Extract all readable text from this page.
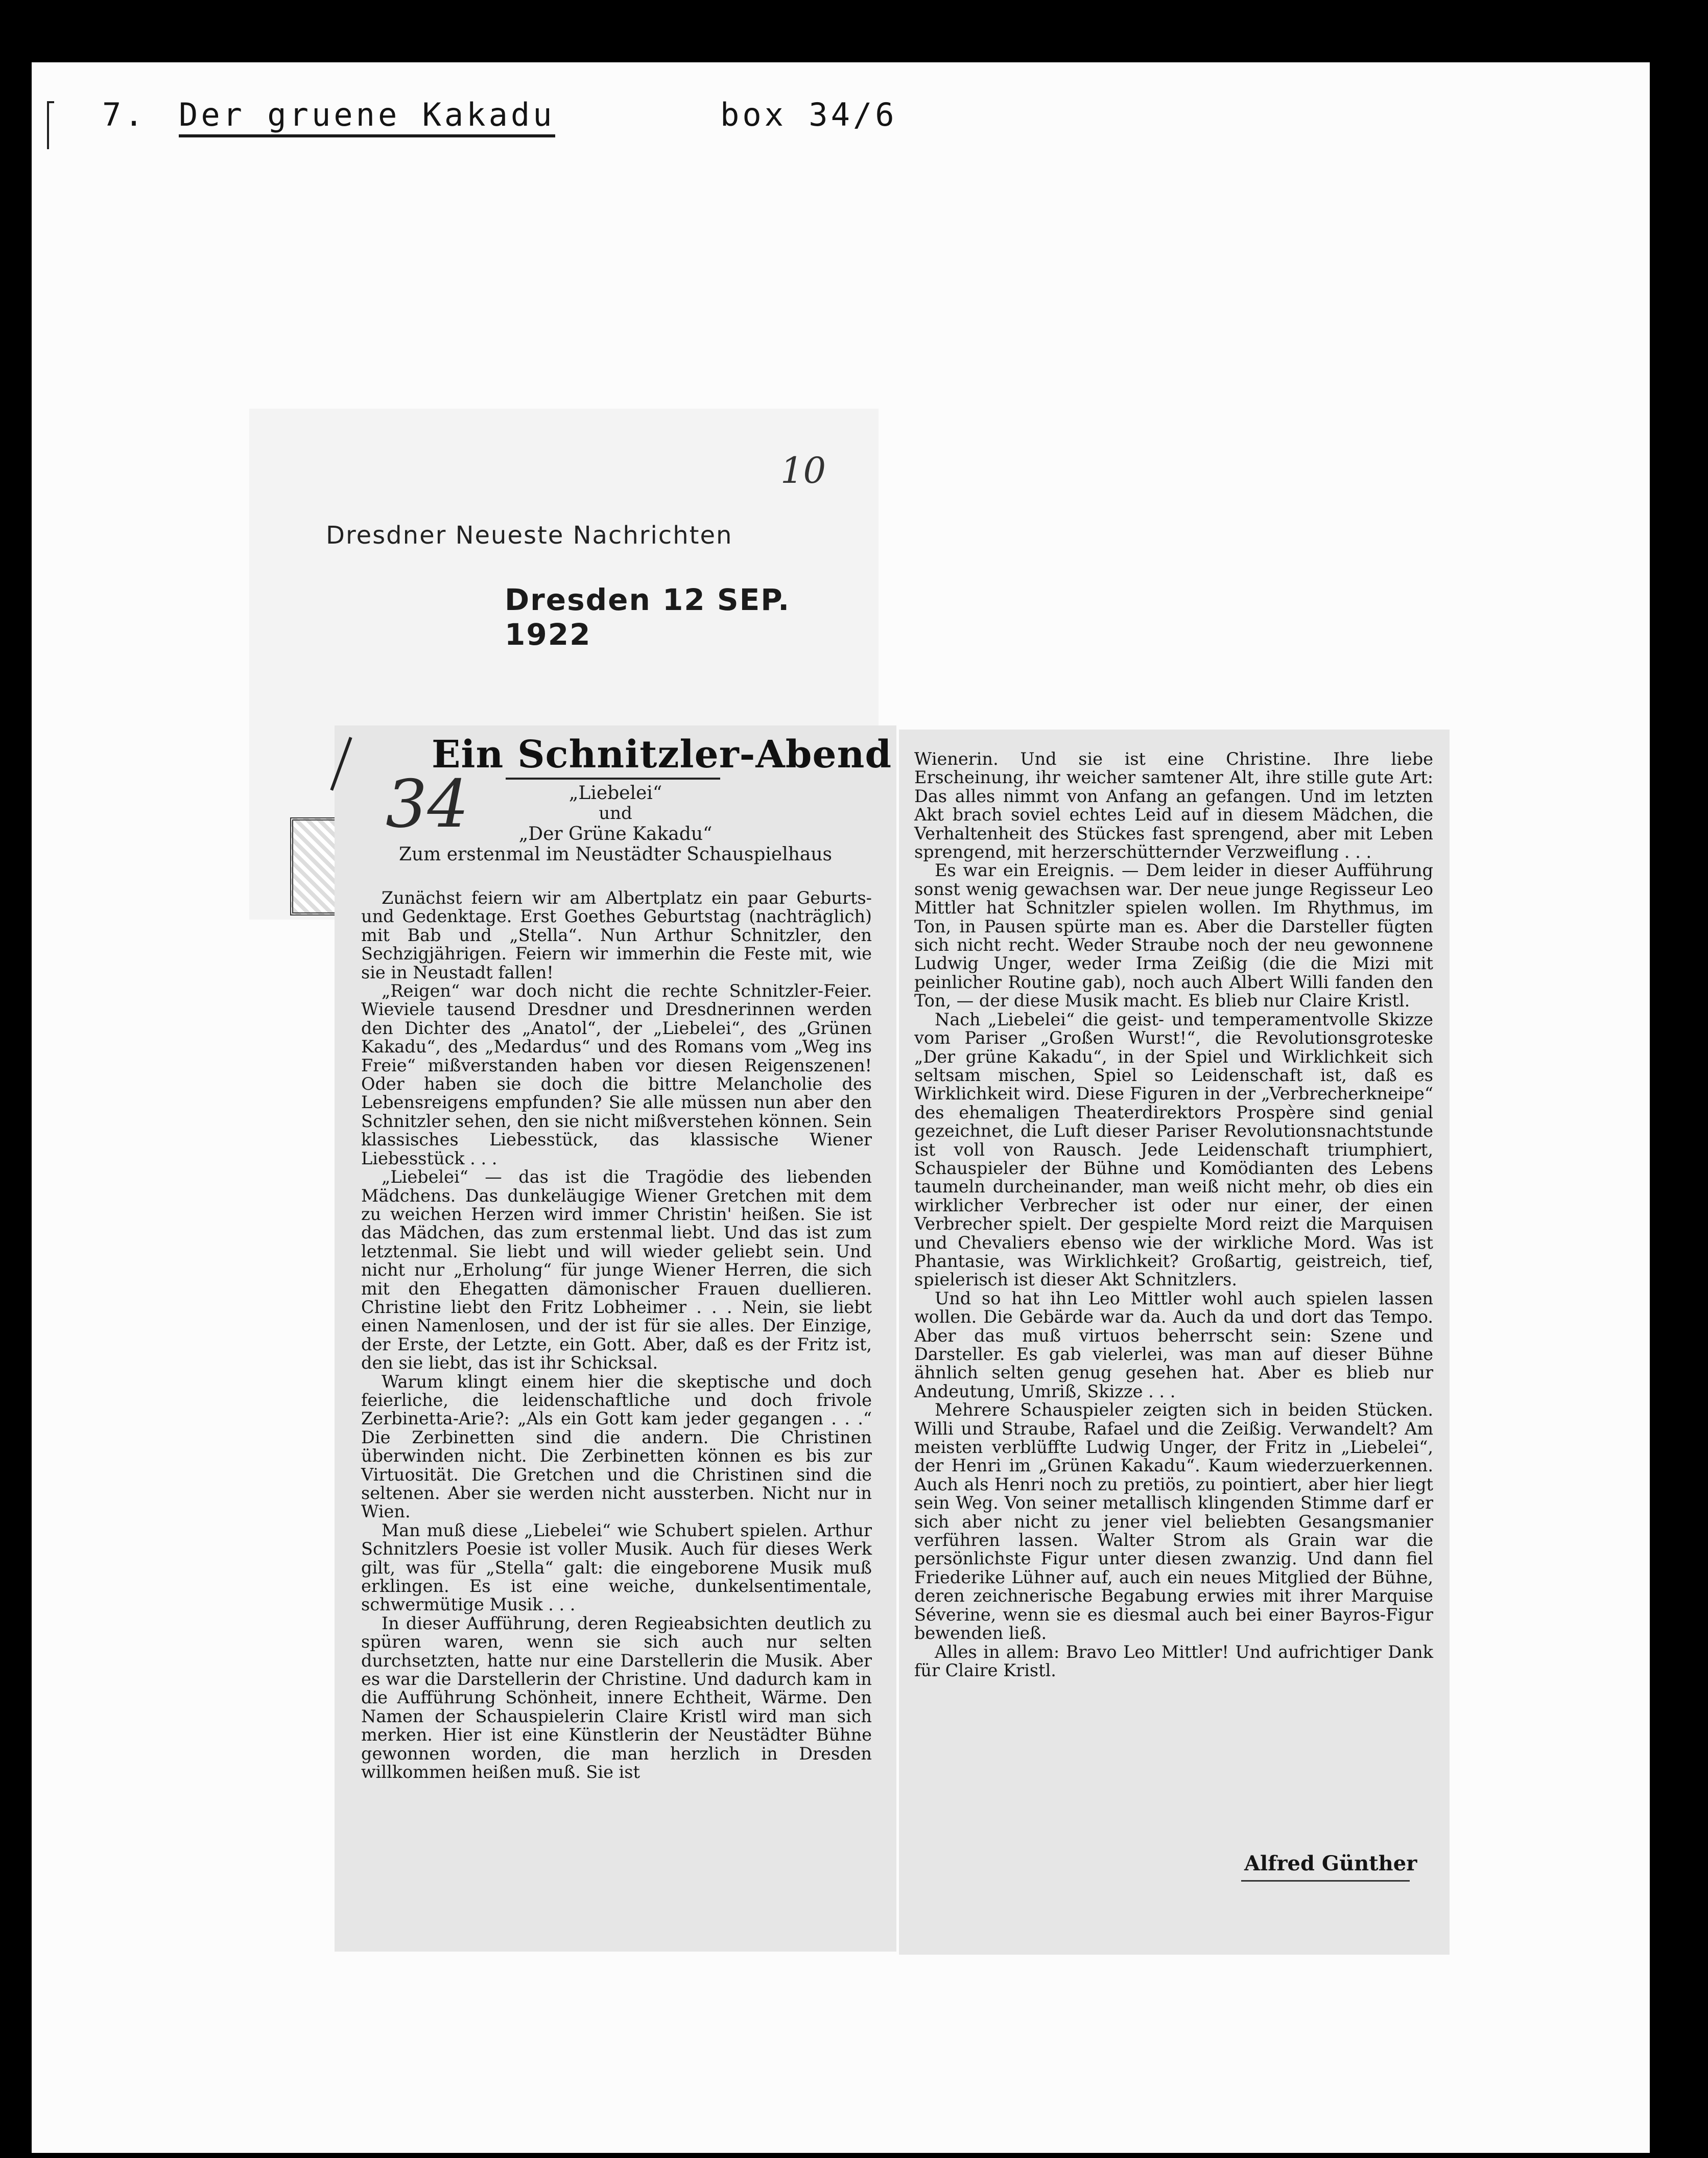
7. Der gruene Kakadu	box 34/6
Dresdner Neueste Nachrichten
Dresden 12 SEP. 1922
10
Ein Schnitzler-Abend
34	„Liebelei“
und
„Der Grüne Kakadu“
Zum erstenmal im Neustädter Schauspielhaus

Zunächst feiern wir am Albertplatz ein paar Geburts- und Gedenktage. Erst Goethes Geburtstag (nachträglich) mit Bab und „Stella“. Nun Arthur Schnitzler, den Sechzigjährigen. Feiern wir immerhin die Feste mit, wie sie in Neustadt fallen!

„Reigen“ war doch nicht die rechte Schnitzler-Feier. Wieviele tausend Dresdner und Dresdnerinnen werden den Dichter des „Anatol“, der „Liebelei“, des „Grünen Kakadu“, des „Medardus“ und des Romans vom „Weg ins Freie“ mißverstanden haben vor diesen Reigenszenen! Oder haben sie doch die bittre Melancholie des Lebensreigens empfunden? Sie alle müssen nun aber den Schnitzler sehen, den sie nicht mißverstehen können. Sein klassisches Liebesstück, das klassische Wiener Liebesstück . . .

„Liebelei“ — das ist die Tragödie des liebenden Mädchens. Das dunkeläugige Wiener Gretchen mit dem zu weichen Herzen wird immer Christin' heißen. Sie ist das Mädchen, das zum erstenmal liebt. Und das ist zum letztenmal. Sie liebt und will wieder geliebt sein. Und nicht nur „Erholung“ für junge Wiener Herren, die sich mit den Ehegatten dämonischer Frauen duellieren. Christine liebt den Fritz Lobheimer . . . Nein, sie liebt einen Namenlosen, und der ist für sie alles. Der Einzige, der Erste, der Letzte, ein Gott. Aber, daß es der Fritz ist, den sie liebt, das ist ihr Schicksal.

Warum klingt einem hier die skeptische und doch feierliche, die leidenschaftliche und doch frivole Zerbinetta-Arie?: „Als ein Gott kam jeder gegangen . . .“ Die Zerbinetten sind die andern. Die Christinen überwinden nicht. Die Zerbinetten können es bis zur Virtuosität. Die Gretchen und die Christinen sind die seltenen. Aber sie werden nicht aussterben. Nicht nur in Wien.

Man muß diese „Liebelei“ wie Schubert spielen. Arthur Schnitzlers Poesie ist voller Musik. Auch für dieses Werk gilt, was für „Stella“ galt: die eingeborene Musik muß erklingen. Es ist eine weiche, dunkelsentimentale, schwermütige Musik . . .

In dieser Aufführung, deren Regieabsichten deutlich zu spüren waren, wenn sie sich auch nur selten durchsetzten, hatte nur eine Darstellerin die Musik. Aber es war die Darstellerin der Christine. Und dadurch kam in die Aufführung Schönheit, innere Echtheit, Wärme. Den Namen der Schauspielerin Claire Kristl wird man sich merken. Hier ist eine Künstlerin der Neustädter Bühne gewonnen worden, die man herzlich in Dresden willkommen heißen muß. Sie ist

Wienerin. Und sie ist eine Christine. Ihre liebe Erscheinung, ihr weicher samtener Alt, ihre stille gute Art: Das alles nimmt von Anfang an gefangen. Und im letzten Akt brach soviel echtes Leid auf in diesem Mädchen, die Verhaltenheit des Stückes fast sprengend, aber mit Leben sprengend, mit herzerschütternder Verzweiflung . . .

Es war ein Ereignis. — Dem leider in dieser Aufführung sonst wenig gewachsen war. Der neue junge Regisseur Leo Mittler hat Schnitzler spielen wollen. Im Rhythmus, im Ton, in Pausen spürte man es. Aber die Darsteller fügten sich nicht recht. Weder Straube noch der neu gewonnene Ludwig Unger, weder Irma Zeißig (die die Mizi mit peinlicher Routine gab), noch auch Albert Willi fanden den Ton, — der diese Musik macht. Es blieb nur Claire Kristl.

Nach „Liebelei“ die geist- und temperamentvolle Skizze vom Pariser „Großen Wurst!“, die Revolutionsgroteske „Der grüne Kakadu“, in der Spiel und Wirklichkeit sich seltsam mischen, Spiel so Leidenschaft ist, daß es Wirklichkeit wird. Diese Figuren in der „Verbrecherkneipe“ des ehemaligen Theaterdirektors Prospère sind genial gezeichnet, die Luft dieser Pariser Revolutionsnachtstunde ist voll von Rausch. Jede Leidenschaft triumphiert, Schauspieler der Bühne und Komödianten des Lebens taumeln durcheinander, man weiß nicht mehr, ob dies ein wirklicher Verbrecher ist oder nur einer, der einen Verbrecher spielt. Der gespielte Mord reizt die Marquisen und Chevaliers ebenso wie der wirkliche Mord. Was ist Phantasie, was Wirklichkeit? Großartig, geistreich, tief, spielerisch ist dieser Akt Schnitzlers.

Und so hat ihn Leo Mittler wohl auch spielen lassen wollen. Die Gebärde war da. Auch da und dort das Tempo. Aber das muß virtuos beherrscht sein: Szene und Darsteller. Es gab vielerlei, was man auf dieser Bühne ähnlich selten genug gesehen hat. Aber es blieb nur Andeutung, Umriß, Skizze . . .

Mehrere Schauspieler zeigten sich in beiden Stücken. Willi und Straube, Rafael und die Zeißig. Verwandelt? Am meisten verblüffte Ludwig Unger, der Fritz in „Liebelei“, der Henri im „Grünen Kakadu“. Kaum wiederzuerkennen. Auch als Henri noch zu pretiös, zu pointiert, aber hier liegt sein Weg. Von seiner metallisch klingenden Stimme darf er sich aber nicht zu jener viel beliebten Gesangsmanier verführen lassen. Walter Strom als Grain war die persönlichste Figur unter diesen zwanzig. Und dann fiel Friederike Lühner auf, auch ein neues Mitglied der Bühne, deren zeichnerische Begabung erwies mit ihrer Marquise Séverine, wenn sie es diesmal auch bei einer Bayros-Figur bewenden ließ.

Alles in allem: Bravo Leo Mittler! Und aufrichtiger Dank für Claire Kristl.

Alfred Günther
